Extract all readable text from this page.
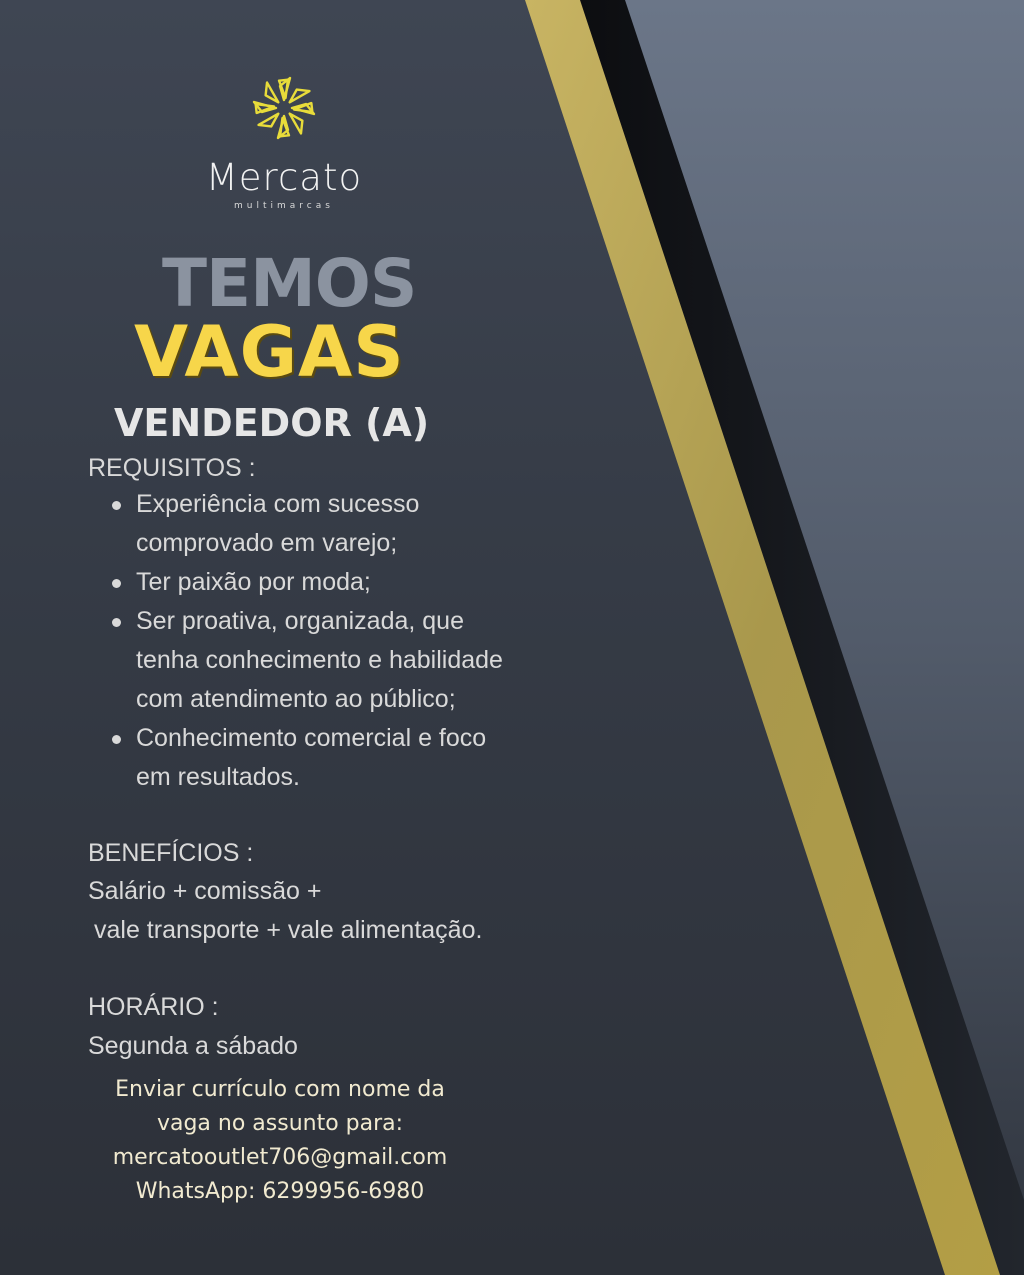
Mercato
multimarcas
TEMOS
VAGAS
VENDEDOR (A)
REQUISITOS :
Experiência com sucesso
comprovado em varejo;
Ter paixão por moda;
Ser proativa, organizada, que
tenha conhecimento e habilidade
com atendimento ao público;
Conhecimento comercial e foco
em resultados.
BENEFÍCIOS :
Salário + comissão +
vale transporte + vale alimentação.
HORÁRIO :
Segunda a sábado
Enviar currículo com nome da
vaga no assunto para:
mercatooutlet706@gmail.com
WhatsApp: 6299956-6980
